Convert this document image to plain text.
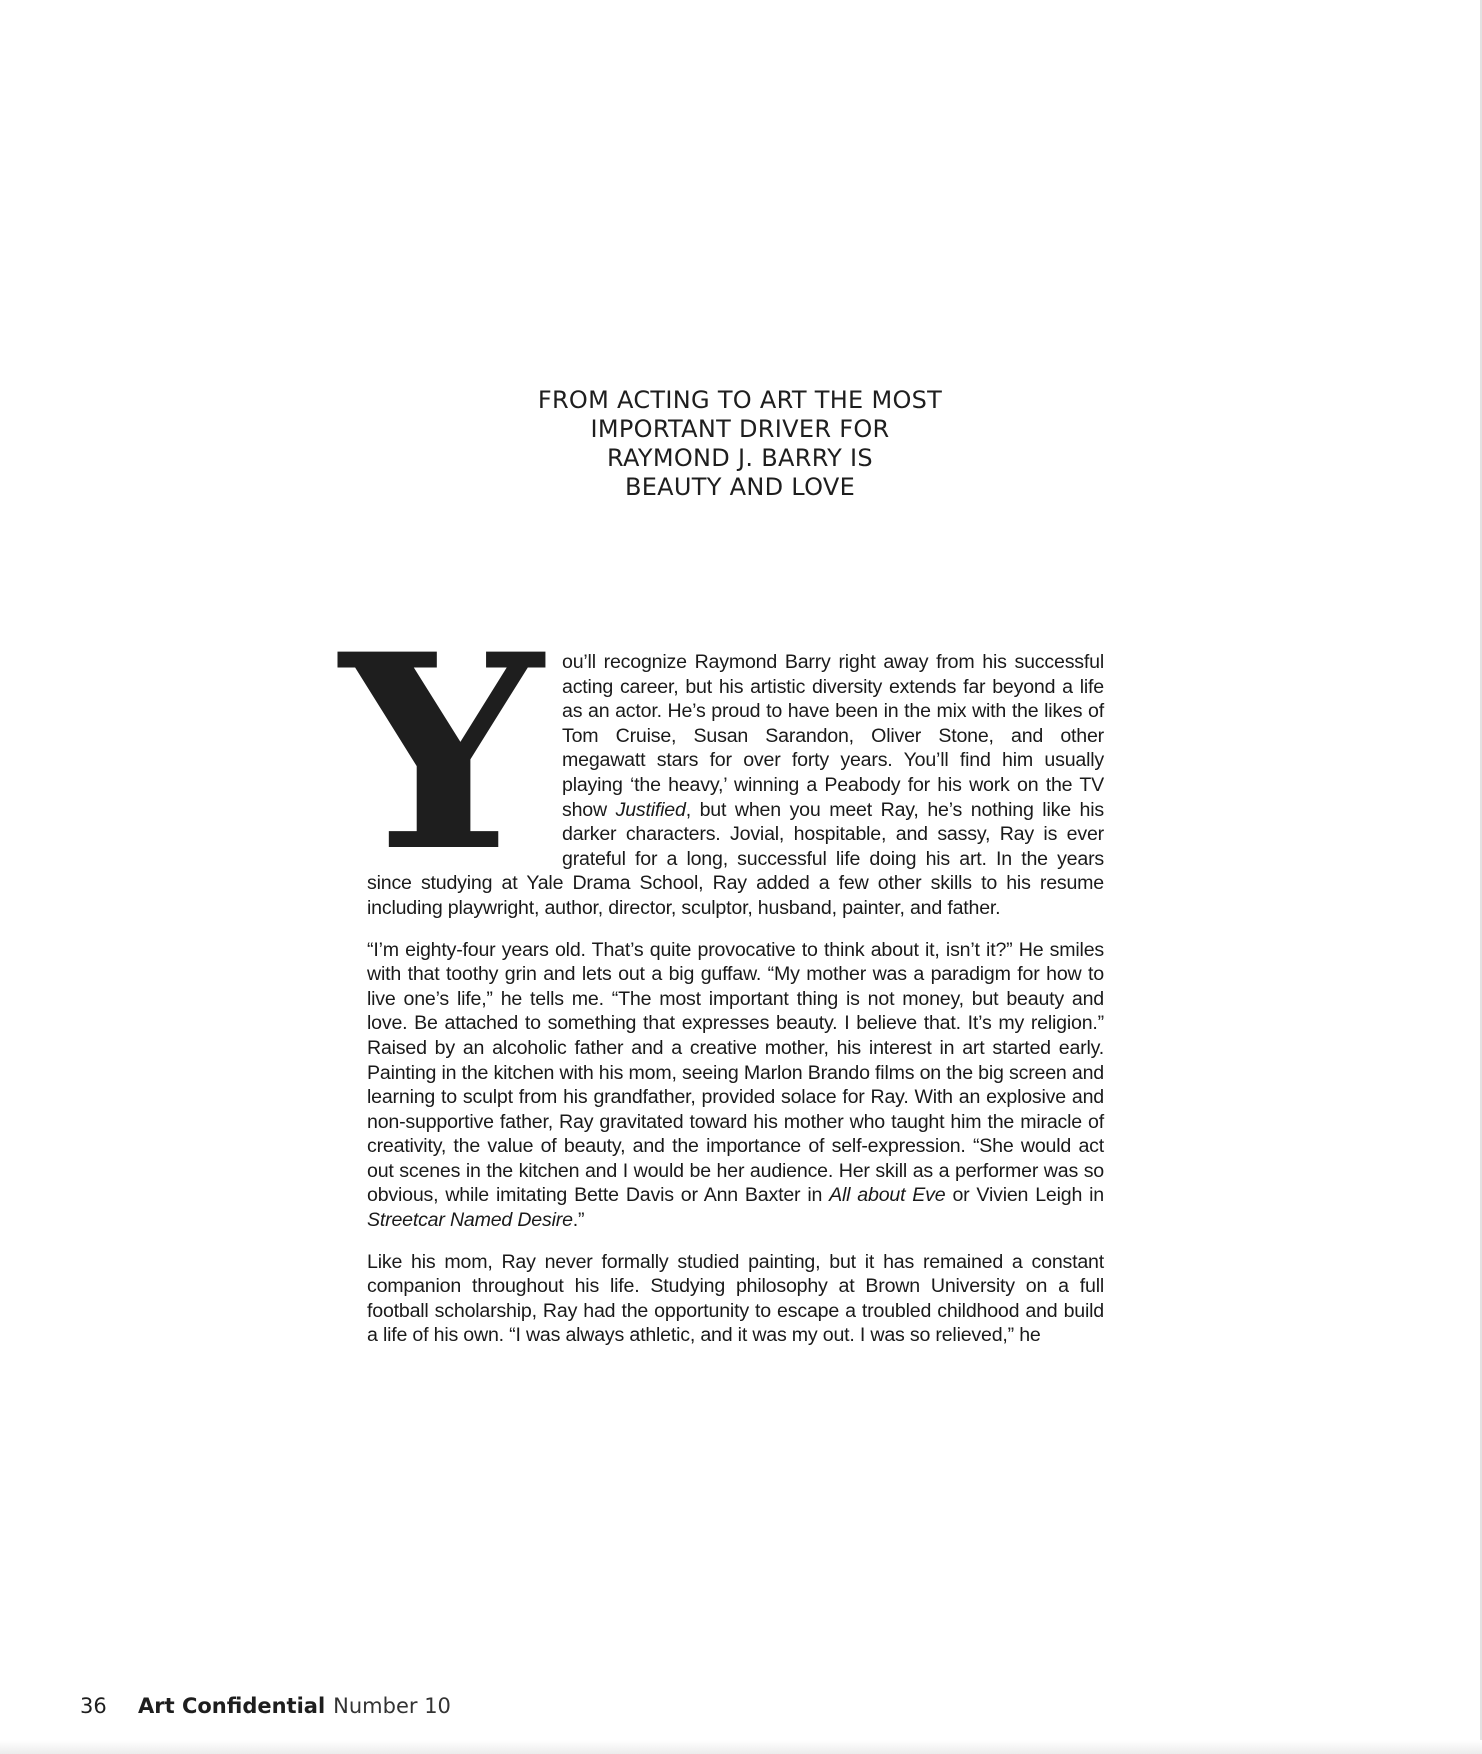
FROM ACTING TO ART THE MOST
IMPORTANT DRIVER FOR
RAYMOND J. BARRY IS
BEAUTY AND LOVE

You’ll recognize Raymond Barry right away from his successful acting career, but his artistic diversity extends far beyond a life as an actor. He’s proud to have been in the mix with the likes of Tom Cruise, Susan Sarandon, Oliver Stone, and other megawatt stars for over forty years. You’ll find him usually playing ‘the heavy,’ winning a Peabody for his work on the TV show Justified, but when you meet Ray, he’s nothing like his darker characters. Jovial, hospitable, and sassy, Ray is ever grateful for a long, successful life doing his art. In the years since studying at Yale Drama School, Ray added a few other skills to his resume including playwright, author, director, sculptor, husband, painter, and father.

“I’m eighty-four years old. That’s quite provocative to think about it, isn’t it?” He smiles with that toothy grin and lets out a big guffaw. “My mother was a paradigm for how to live one’s life,” he tells me. “The most important thing is not money, but beauty and love. Be attached to something that expresses beauty. I believe that. It’s my religion.” Raised by an alcoholic father and a creative mother, his interest in art started early. Painting in the kitchen with his mom, seeing Marlon Brando films on the big screen and learning to sculpt from his grandfather, provided solace for Ray. With an explosive and non-supportive father, Ray gravitated toward his mother who taught him the miracle of creativity, the value of beauty, and the importance of self-expression. “She would act out scenes in the kitchen and I would be her audience. Her skill as a performer was so obvious, while imitating Bette Davis or Ann Baxter in All about Eve or Vivien Leigh in Streetcar Named Desire.”

Like his mom, Ray never formally studied painting, but it has remained a constant companion throughout his life. Studying philosophy at Brown University on a full football scholarship, Ray had the opportunity to escape a troubled childhood and build a life of his own. “I was always athletic, and it was my out. I was so relieved,” he

36 Art Confidential Number 10
